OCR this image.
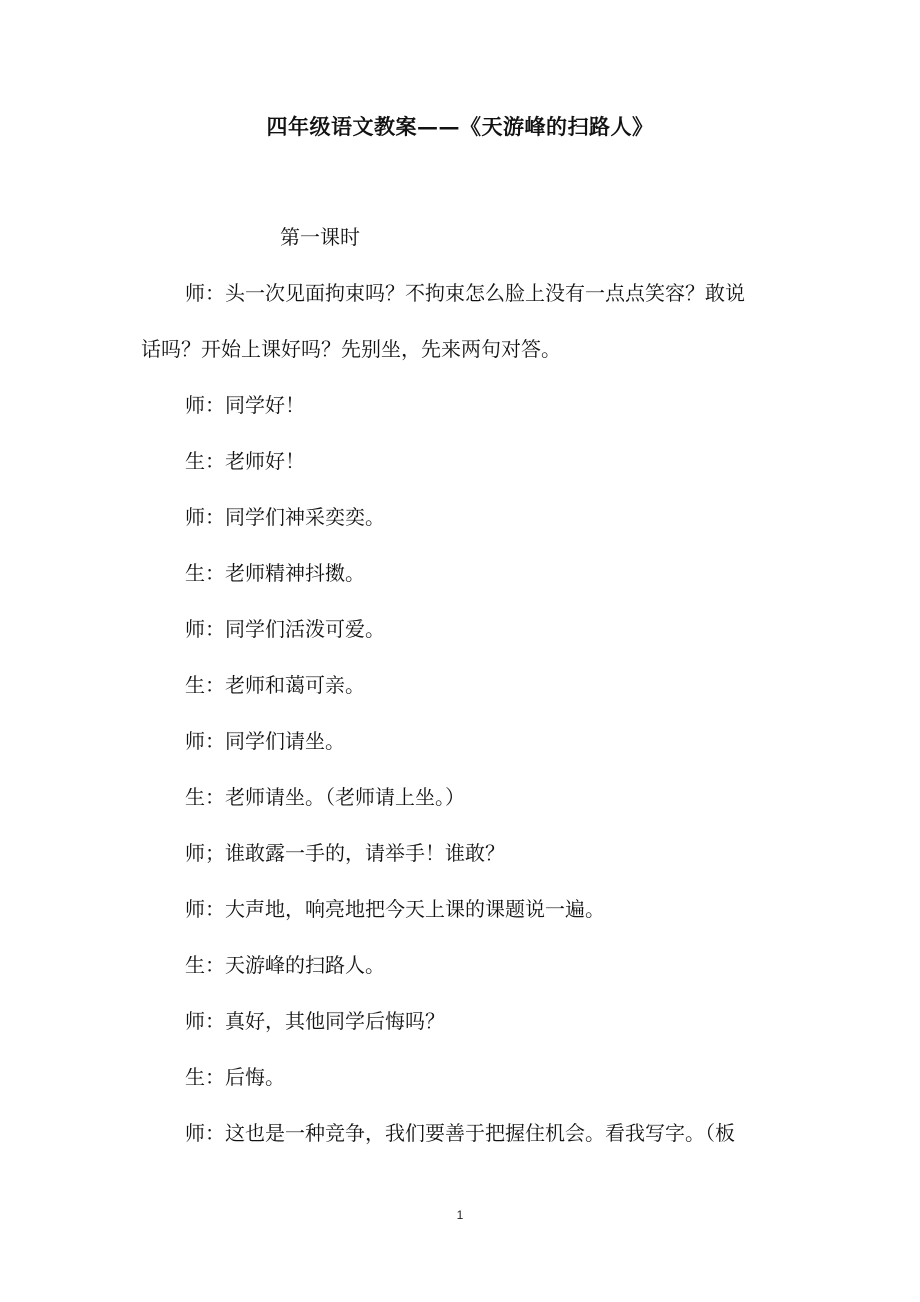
四年级语文教案——《天游峰的扫路人》
第一课时
师：头一次见面拘束吗？不拘束怎么脸上没有一点点笑容？敢说
话吗？开始上课好吗？先别坐，先来两句对答。
师：同学好！
生：老师好！
师：同学们神采奕奕。
生：老师精神抖擞。
师：同学们活泼可爱。
生：老师和蔼可亲。
师：同学们请坐。
生：老师请坐。（老师请上坐。）
师；谁敢露一手的，请举手！谁敢？
师：大声地，响亮地把今天上课的课题说一遍。
生：天游峰的扫路人。
师：真好，其他同学后悔吗？
生：后悔。
师：这也是一种竞争，我们要善于把握住机会。看我写字。（板
1
